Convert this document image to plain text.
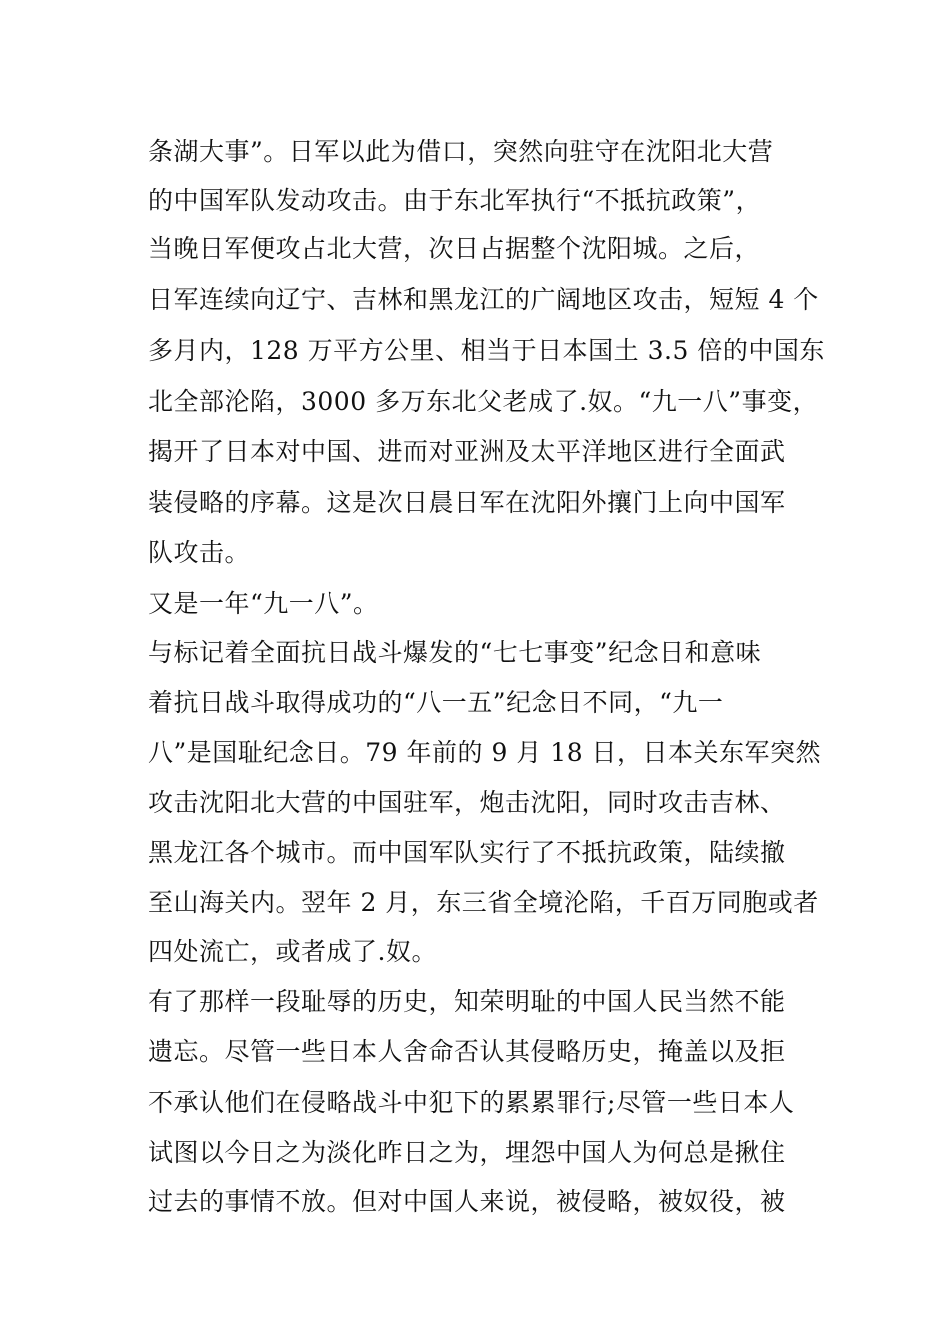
条湖大事”。日军以此为借口，突然向驻守在沈阳北大营
的中国军队发动攻击。由于东北军执行“不抵抗政策”，
当晚日军便攻占北大营，次日占据整个沈阳城。之后，
日军连续向辽宁、吉林和黑龙江的广阔地区攻击，短短 4 个
多月内，128 万平方公里、相当于日本国土 3.5 倍的中国东
北全部沦陷，3000 多万东北父老成了.奴。“九一八”事变，
揭开了日本对中国、进而对亚洲及太平洋地区进行全面武
装侵略的序幕。这是次日晨日军在沈阳外攘门上向中国军
队攻击。
又是一年“九一八”。
与标记着全面抗日战斗爆发的“七七事变”纪念日和意味
着抗日战斗取得成功的“八一五”纪念日不同，“九一
八”是国耻纪念日。79 年前的 9 月 18 日，日本关东军突然
攻击沈阳北大营的中国驻军，炮击沈阳，同时攻击吉林、
黑龙江各个城市。而中国军队实行了不抵抗政策，陆续撤
至山海关内。翌年 2 月，东三省全境沦陷，千百万同胞或者
四处流亡，或者成了.奴。
有了那样一段耻辱的历史，知荣明耻的中国人民当然不能
遗忘。尽管一些日本人舍命否认其侵略历史，掩盖以及拒
不承认他们在侵略战斗中犯下的累累罪行;尽管一些日本人
试图以今日之为淡化昨日之为，埋怨中国人为何总是揪住
过去的事情不放。但对中国人来说，被侵略，被奴役，被
